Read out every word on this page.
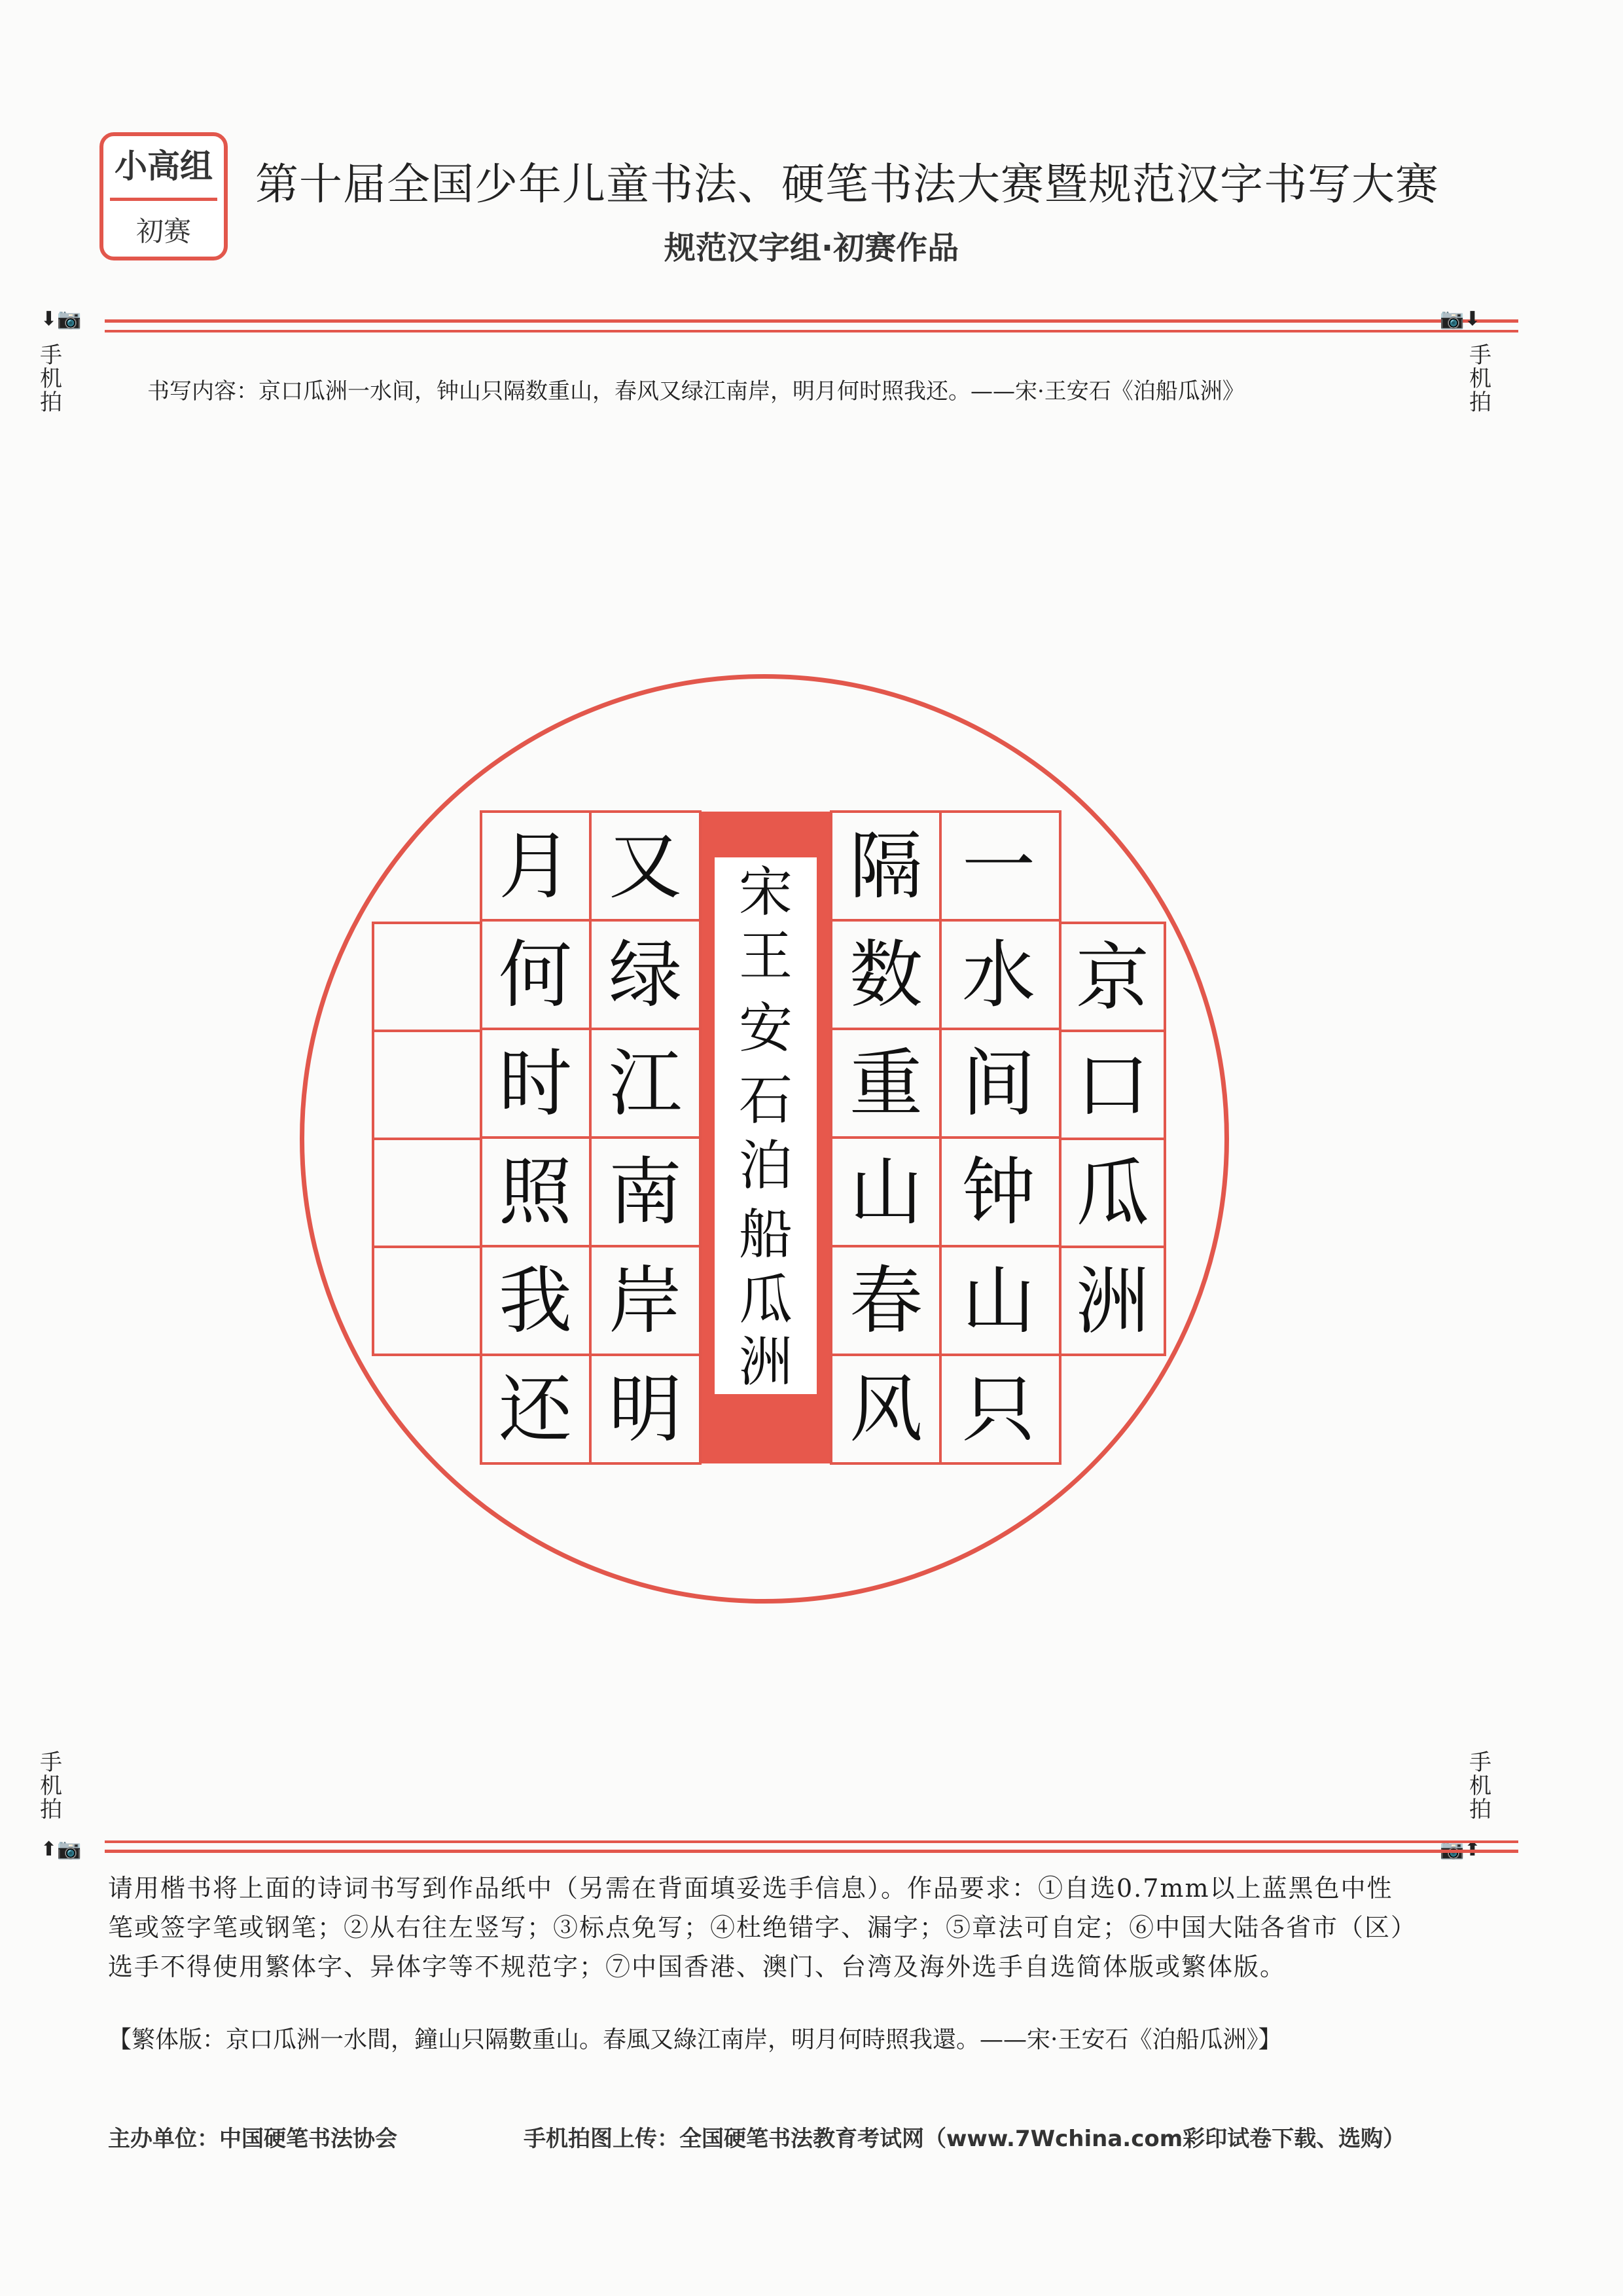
小高组
初赛
第十届全国少年儿童书法、硬笔书法大赛暨规范汉字书写大赛
规范汉字组·初赛作品
⬇📷
手机拍
📷⬇
手机拍
手机拍
⬆📷
手机拍
书写内容：京口瓜洲一水间，钟山只隔数重山，春风又绿江南岸，明月何时照我还。——宋·王安石《泊船瓜洲》
京
口
瓜
洲
一
水
间
钟
山
只
隔
数
重
山
春
风
又
绿
江
南
岸
明
月
何
时
照
我
还
宋
王
安
石
泊
船
瓜
洲
请用楷书将上面的诗词书写到作品纸中（另需在背面填妥选手信息）。作品要求：①自选0.7mm以上蓝黑色中性笔或签字笔或钢笔；②从右往左竖写；③标点免写；④杜绝错字、漏字；⑤章法可自定；⑥中国大陆各省市（区）选手不得使用繁体字、异体字等不规范字；⑦中国香港、澳门、台湾及海外选手自选简体版或繁体版。
【繁体版：京口瓜洲一水間，鐘山只隔數重山。春風又綠江南岸，明月何時照我還。——宋·王安石《泊船瓜洲》】
主办单位：中国硬笔书法协会	手机拍图上传：全国硬笔书法教育考试网（www.7Wchina.com彩印试卷下载、选购）
